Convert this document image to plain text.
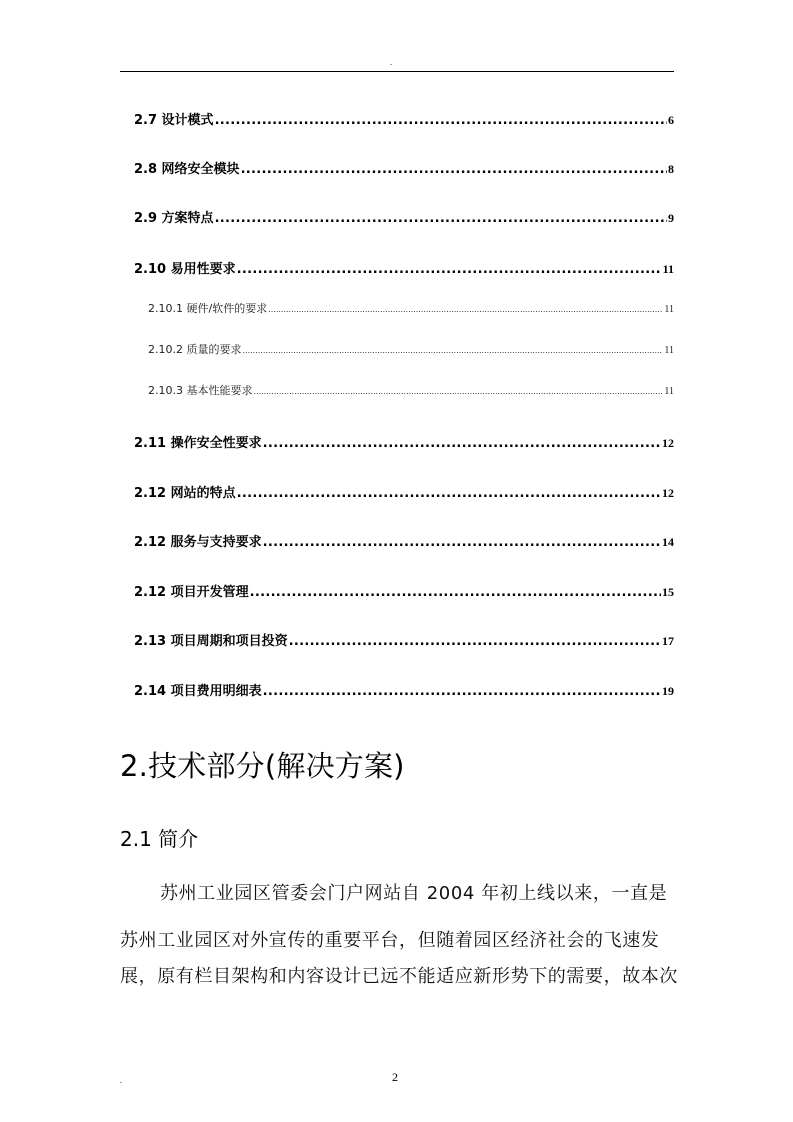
.
2.7 设计模式 .....	6
2.8 网络安全模块 .....	8
2.9 方案特点 .....	9
2.10 易用性要求 .....	11
2.10.1 硬件/软件的要求 .....	11
2.10.2 质量的要求 .....	11
2.10.3 基本性能要求 .....	11
2.11 操作安全性要求 .....	12
2.12 网站的特点 .....	12
2.12 服务与支持要求 .....	14
2.12 项目开发管理 .....	15
2.13 项目周期和项目投资 .....	17
2.14 项目费用明细表 .....	19
2.技术部分(解决方案)
2.1 简介
苏州工业园区管委会门户网站自 2004 年初上线以来，一直是
苏州工业园区对外宣传的重要平台，但随着园区经济社会的飞速发
展，原有栏目架构和内容设计已远不能适应新形势下的需要，故本次
.	2
